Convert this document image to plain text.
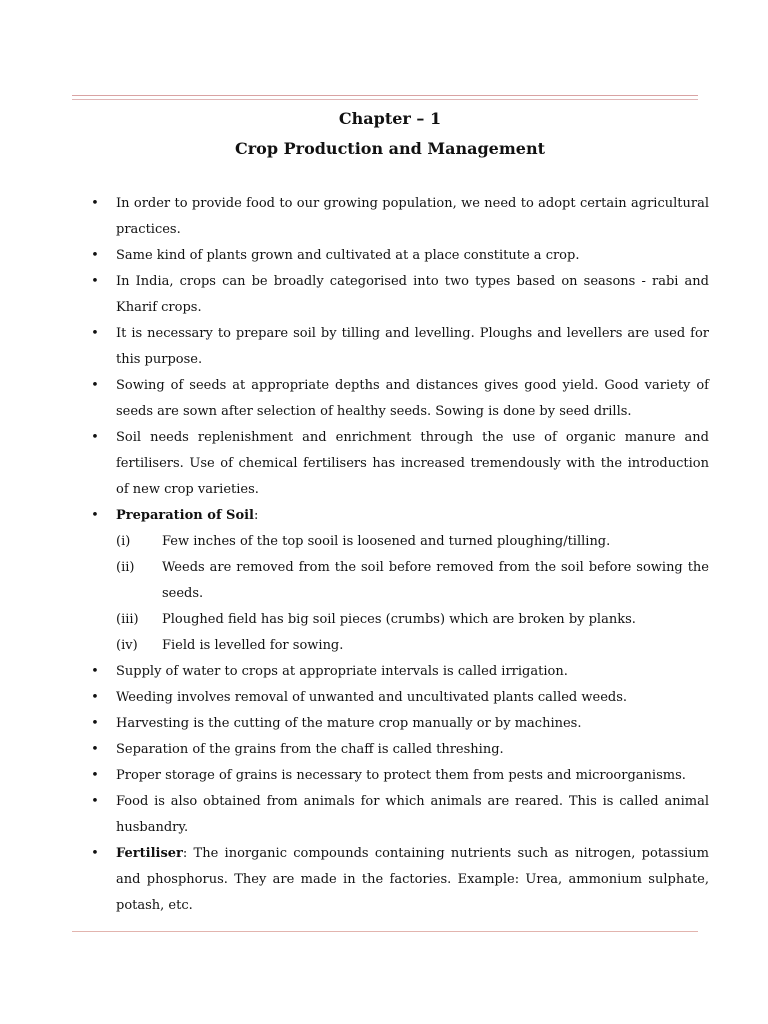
Chapter – 1
Crop Production and Management
• In order to provide food to our growing population, we need to adopt certain agricultural practices.
• Same kind of plants grown and cultivated at a place constitute a crop.
• In India, crops can be broadly categorised into two types based on seasons - rabi and Kharif crops.
• It is necessary to prepare soil by tilling and levelling. Ploughs and levellers are used for this purpose.
• Sowing of seeds at appropriate depths and distances gives good yield. Good variety of seeds are sown after selection of healthy seeds. Sowing is done by seed drills.
• Soil needs replenishment and enrichment through the use of organic manure and fertilisers. Use of chemical fertilisers has increased tremendously with the introduction of new crop varieties.
• Preparation of Soil:
(i) Few inches of the top sooil is loosened and turned ploughing/tilling.
(ii) Weeds are removed from the soil before removed from the soil before sowing the seeds.
(iii) Ploughed field has big soil pieces (crumbs) which are broken by planks.
(iv) Field is levelled for sowing.
• Supply of water to crops at appropriate intervals is called irrigation.
• Weeding involves removal of unwanted and uncultivated plants called weeds.
• Harvesting is the cutting of the mature crop manually or by machines.
• Separation of the grains from the chaff is called threshing.
• Proper storage of grains is necessary to protect them from pests and microorganisms.
• Food is also obtained from animals for which animals are reared. This is called animal husbandry.
• Fertiliser: The inorganic compounds containing nutrients such as nitrogen, potassium and phosphorus. They are made in the factories. Example: Urea, ammonium sulphate, potash, etc.
